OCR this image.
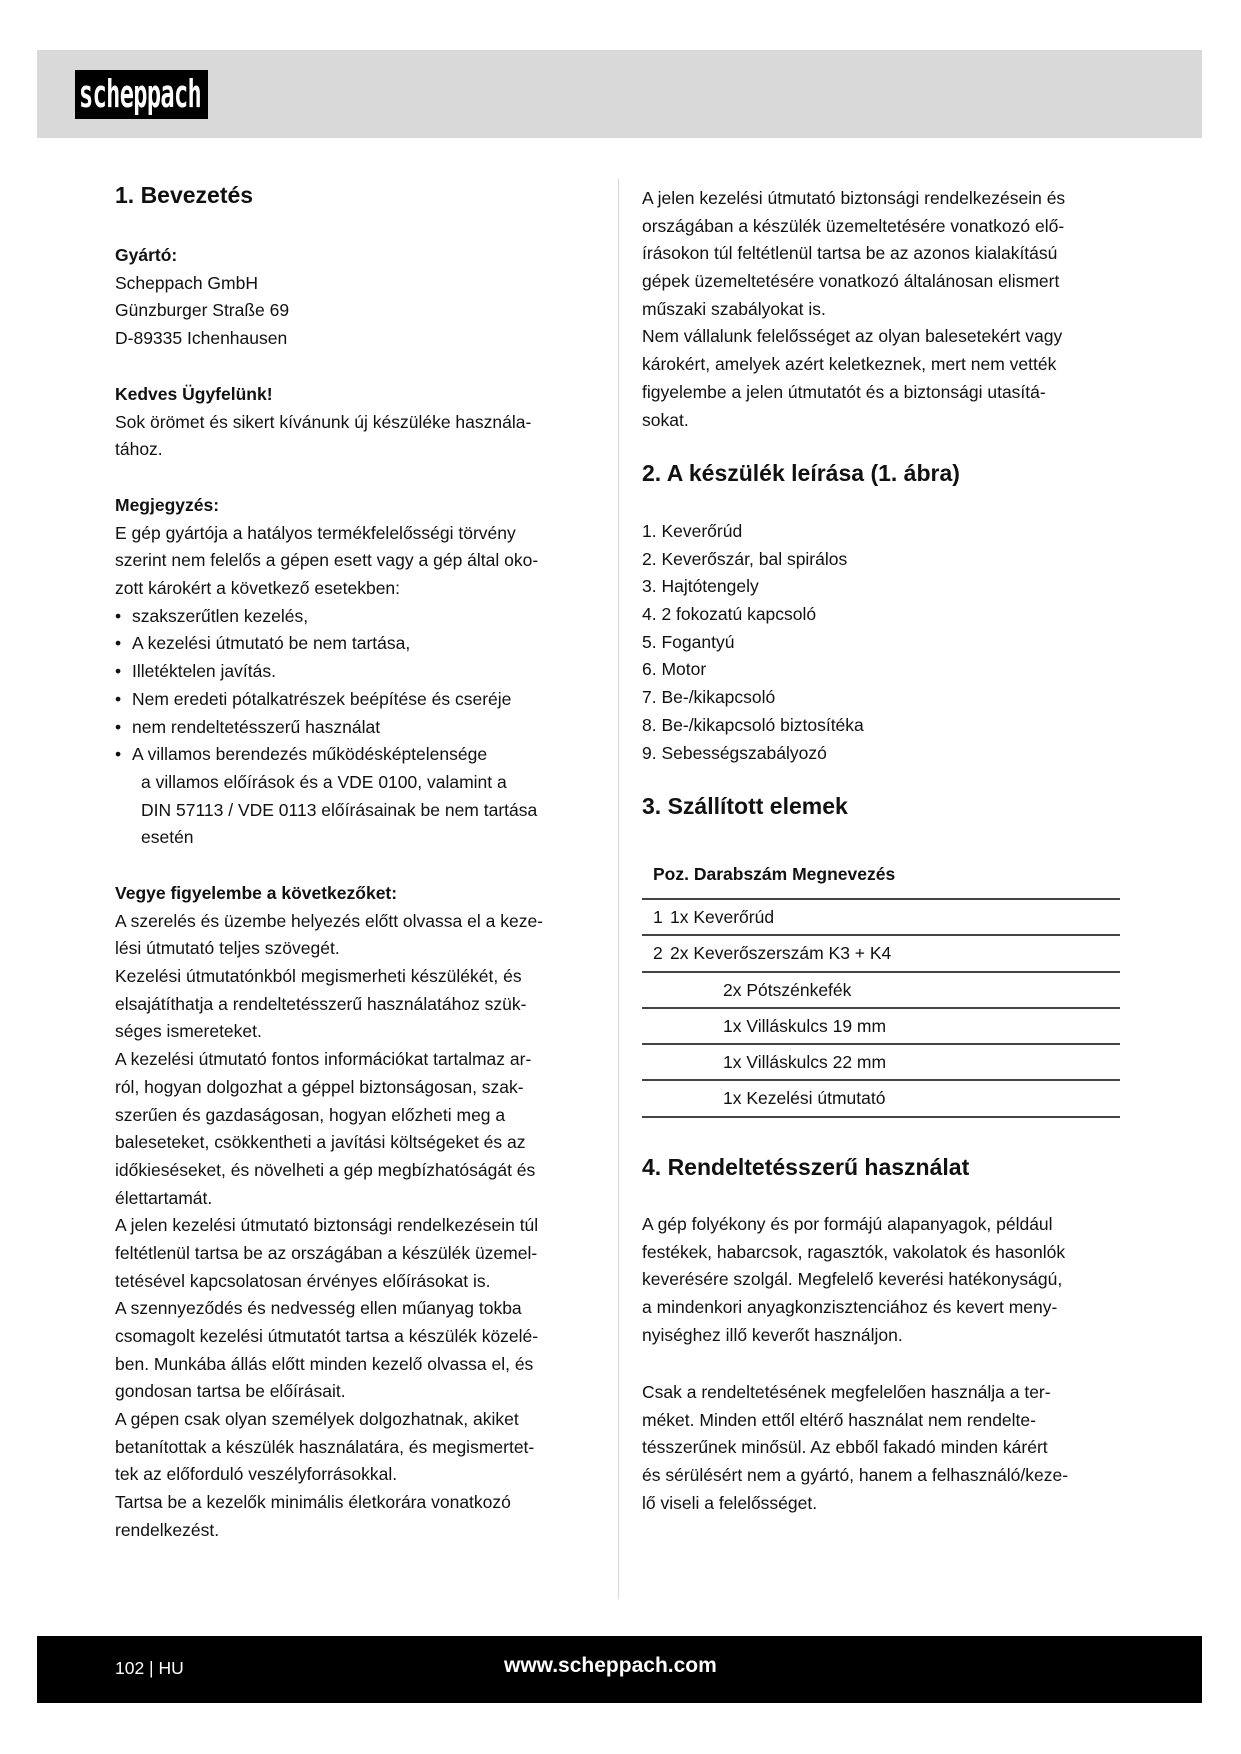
scheppach
1. Bevezetés
Gyártó:
Scheppach GmbH
Günzburger Straße 69
D-89335 Ichenhausen
Kedves Ügyfelünk!
Sok örömet és sikert kívánunk új készüléke használa-
tához.
Megjegyzés:
E gép gyártója a hatályos termékfelelősségi törvény
szerint nem felelős a gépen esett vagy a gép által oko-
zott károkért a következő esetekben:
• szakszerűtlen kezelés,
• A kezelési útmutató be nem tartása,
• Illetéktelen javítás.
• Nem eredeti pótalkatrészek beépítése és cseréje
• nem rendeltetésszerű használat
• A villamos berendezés működésképtelensége
a villamos előírások és a VDE 0100, valamint a
DIN 57113 / VDE 0113 előírásainak be nem tartása
esetén
Vegye figyelembe a következőket:
A szerelés és üzembe helyezés előtt olvassa el a keze-
lési útmutató teljes szövegét.
Kezelési útmutatónkból megismerheti készülékét, és
elsajátíthatja a rendeltetésszerű használatához szük-
séges ismereteket.
A kezelési útmutató fontos információkat tartalmaz ar-
ról, hogyan dolgozhat a géppel biztonságosan, szak-
szerűen és gazdaságosan, hogyan előzheti meg a
baleseteket, csökkentheti a javítási költségeket és az
időkieséseket, és növelheti a gép megbízhatóságát és
élettartamát.
A jelen kezelési útmutató biztonsági rendelkezésein túl
feltétlenül tartsa be az országában a készülék üzemel-
tetésével kapcsolatosan érvényes előírásokat is.
A szennyeződés és nedvesség ellen műanyag tokba
csomagolt kezelési útmutatót tartsa a készülék közelé-
ben. Munkába állás előtt minden kezelő olvassa el, és
gondosan tartsa be előírásait.
A gépen csak olyan személyek dolgozhatnak, akiket
betanítottak a készülék használatára, és megismertet-
tek az előforduló veszélyforrásokkal.
Tartsa be a kezelők minimális életkorára vonatkozó
rendelkezést.
A jelen kezelési útmutató biztonsági rendelkezésein és
országában a készülék üzemeltetésére vonatkozó elő-
írásokon túl feltétlenül tartsa be az azonos kialakítású
gépek üzemeltetésére vonatkozó általánosan elismert
műszaki szabályokat is.
Nem vállalunk felelősséget az olyan balesetekért vagy
károkért, amelyek azért keletkeznek, mert nem vették
figyelembe a jelen útmutatót és a biztonsági utasítá-
sokat.
2. A készülék leírása (1. ábra)
1. Keverőrúd
2. Keverőszár, bal spirálos
3. Hajtótengely
4. 2 fokozatú kapcsoló
5. Fogantyú
6. Motor
7. Be-/kikapcsoló
8. Be-/kikapcsoló biztosítéka
9. Sebességszabályozó
3. Szállított elemek
Poz. Darabszám Megnevezés
1 1x Keverőrúd
2 2x Keverőszerszám K3 + K4
2x Pótszénkefék
1x Villáskulcs 19 mm
1x Villáskulcs 22 mm
1x Kezelési útmutató
4. Rendeltetésszerű használat
A gép folyékony és por formájú alapanyagok, például
festékek, habarcsok, ragasztók, vakolatok és hasonlók
keverésére szolgál. Megfelelő keverési hatékonyságú,
a mindenkori anyagkonzisztenciához és kevert meny-
nyiséghez illő keverőt használjon.
Csak a rendeltetésének megfelelően használja a ter-
méket. Minden ettől eltérő használat nem rendelte-
tésszerűnek minősül. Az ebből fakadó minden kárért
és sérülésért nem a gyártó, hanem a felhasználó/keze-
lő viseli a felelősséget.
102 | HU	www.scheppach.com
